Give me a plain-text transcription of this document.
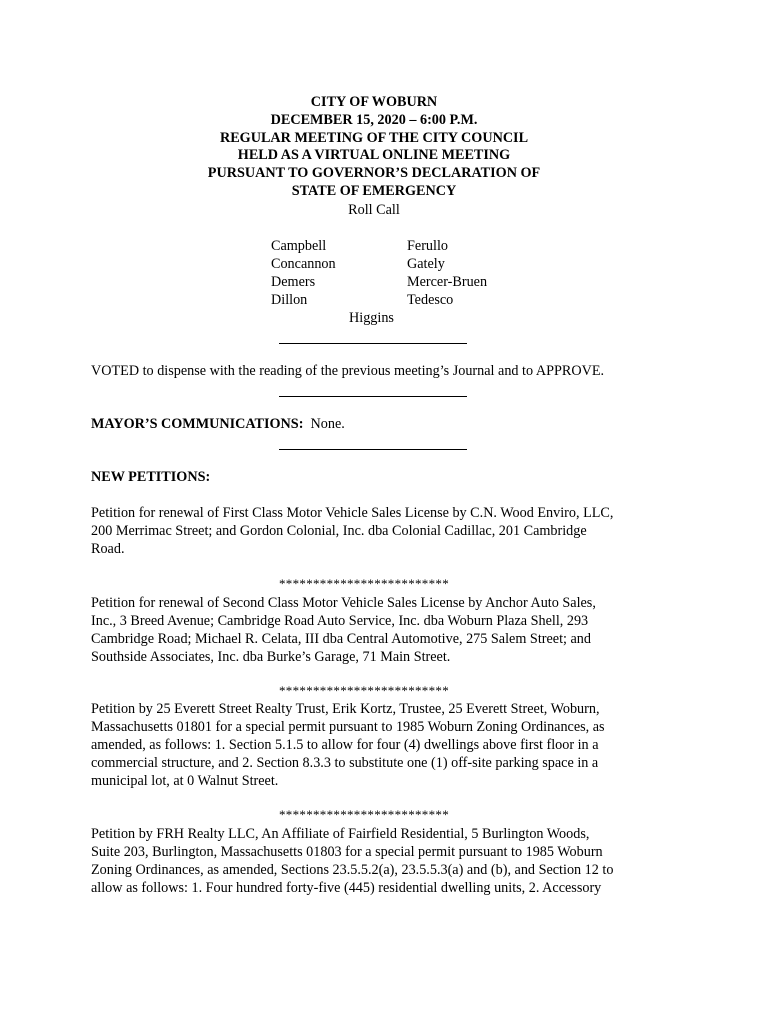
CITY OF WOBURN
DECEMBER 15, 2020 – 6:00 P.M.
REGULAR MEETING OF THE CITY COUNCIL
HELD AS A VIRTUAL ONLINE MEETING
PURSUANT TO GOVERNOR’S DECLARATION OF
STATE OF EMERGENCY
Roll Call
Campbell
Concannon
Demers
Dillon
Ferullo
Gately
Mercer-Bruen
Tedesco
Higgins
VOTED to dispense with the reading of the previous meeting’s Journal and to APPROVE.
MAYOR’S COMMUNICATIONS: None.
NEW PETITIONS:
Petition for renewal of First Class Motor Vehicle Sales License by C.N. Wood Enviro, LLC,
200 Merrimac Street; and Gordon Colonial, Inc. dba Colonial Cadillac, 201 Cambridge
Road.
*************************
Petition for renewal of Second Class Motor Vehicle Sales License by Anchor Auto Sales,
Inc., 3 Breed Avenue; Cambridge Road Auto Service, Inc. dba Woburn Plaza Shell, 293
Cambridge Road; Michael R. Celata, III dba Central Automotive, 275 Salem Street; and
Southside Associates, Inc. dba Burke’s Garage, 71 Main Street.
*************************
Petition by 25 Everett Street Realty Trust, Erik Kortz, Trustee, 25 Everett Street, Woburn,
Massachusetts 01801 for a special permit pursuant to 1985 Woburn Zoning Ordinances, as
amended, as follows: 1. Section 5.1.5 to allow for four (4) dwellings above first floor in a
commercial structure, and 2. Section 8.3.3 to substitute one (1) off-site parking space in a
municipal lot, at 0 Walnut Street.
*************************
Petition by FRH Realty LLC, An Affiliate of Fairfield Residential, 5 Burlington Woods,
Suite 203, Burlington, Massachusetts 01803 for a special permit pursuant to 1985 Woburn
Zoning Ordinances, as amended, Sections 23.5.5.2(a), 23.5.5.3(a) and (b), and Section 12 to
allow as follows: 1. Four hundred forty-five (445) residential dwelling units, 2. Accessory
